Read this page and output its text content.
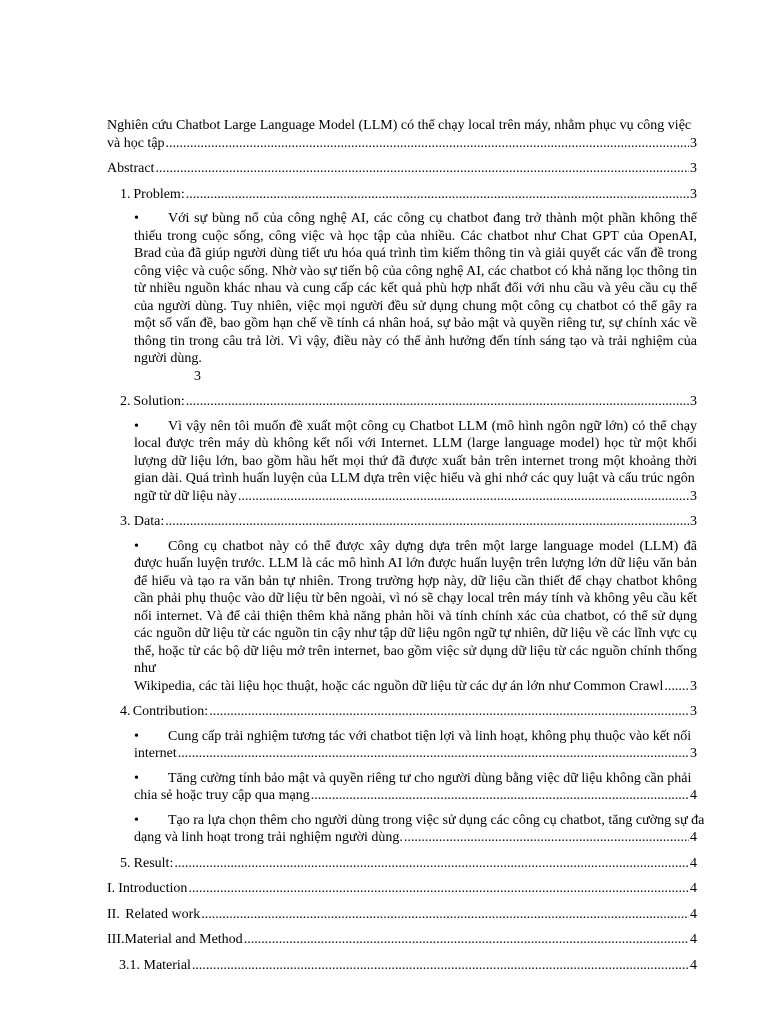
Nghiên cứu Chatbot Large Language Model (LLM) có thể chạy local trên máy, nhằm phục vụ công việc
và học tập .....	3
Abstract .....	3
1. Problem: .....	3
•	Với sự bùng nổ của công nghệ AI, các công cụ chatbot đang trở thành một phần không thể thiếu trong cuộc sống, công việc và học tập của nhiều. Các chatbot như Chat GPT của OpenAI, Brad của đã giúp người dùng tiết ưu hóa quá trình tìm kiếm thông tin và giải quyết các vấn đề trong công việc và cuộc sống. Nhờ vào sự tiến bộ của công nghệ AI, các chatbot có khả năng lọc thông tin từ nhiều nguồn khác nhau và cung cấp các kết quả phù hợp nhất đối với nhu cầu và yêu cầu cụ thể của người dùng. Tuy nhiên, việc mọi người đều sử dụng chung một công cụ chatbot có thể gây ra một số vấn đề, bao gồm hạn chế về tính cá nhân hoá, sự bảo mật và quyền riêng tư, sự chính xác về thông tin trong câu trả lời. Vì vậy, điều này có thể ảnh hưởng đến tính sáng tạo và trải nghiệm của người dùng.
3
2. Solution: .....	3
•	Vì vậy nên tôi muốn đề xuất một công cụ Chatbot LLM (mô hình ngôn ngữ lớn) có thể chạy local được trên máy dù không kết nối với Internet. LLM (large language model) học từ một khối lượng dữ liệu lớn, bao gồm hầu hết mọi thứ đã được xuất bản trên internet trong một khoảng thời gian dài. Quá trình huấn luyện của LLM dựa trên việc hiểu và ghi nhớ các quy luật và cấu trúc ngôn
ngữ từ dữ liệu này .....	3
3. Data: .....	3
•	Công cụ chatbot này có thể được xây dựng dựa trên một large language model (LLM) đã được huấn luyện trước. LLM là các mô hình AI lớn được huấn luyện trên lượng lớn dữ liệu văn bản để hiểu và tạo ra văn bản tự nhiên. Trong trường hợp này, dữ liệu cần thiết để chạy chatbot không cần phải phụ thuộc vào dữ liệu từ bên ngoài, vì nó sẽ chạy local trên máy tính và không yêu cầu kết nối internet. Và để cải thiện thêm khả năng phản hồi và tính chính xác của chatbot, có thể sử dụng các nguồn dữ liệu từ các nguồn tin cậy như tập dữ liệu ngôn ngữ tự nhiên, dữ liệu về các lĩnh vực cụ thể, hoặc từ các bộ dữ liệu mở trên internet, bao gồm việc sử dụng dữ liệu từ các nguồn chính thống như
Wikipedia, các tài liệu học thuật, hoặc các nguồn dữ liệu từ các dự án lớn như Common Crawl ..... 3
4. Contribution: .....	3
•	Cung cấp trải nghiệm tương tác với chatbot tiện lợi và linh hoạt, không phụ thuộc vào kết nối
internet .....	3
•	Tăng cường tính bảo mật và quyền riêng tư cho người dùng bằng việc dữ liệu không cần phải
chia sẻ hoặc truy cập qua mạng .....	4
•	Tạo ra lựa chọn thêm cho người dùng trong việc sử dụng các công cụ chatbot, tăng cường sự đa
dạng và linh hoạt trong trải nghiệm người dùng. .....	4
5. Result: .....	4
I. Introduction .....	4
II. Related work .....	4
III. Material and Method .....	4
3.1. Material .....	4
